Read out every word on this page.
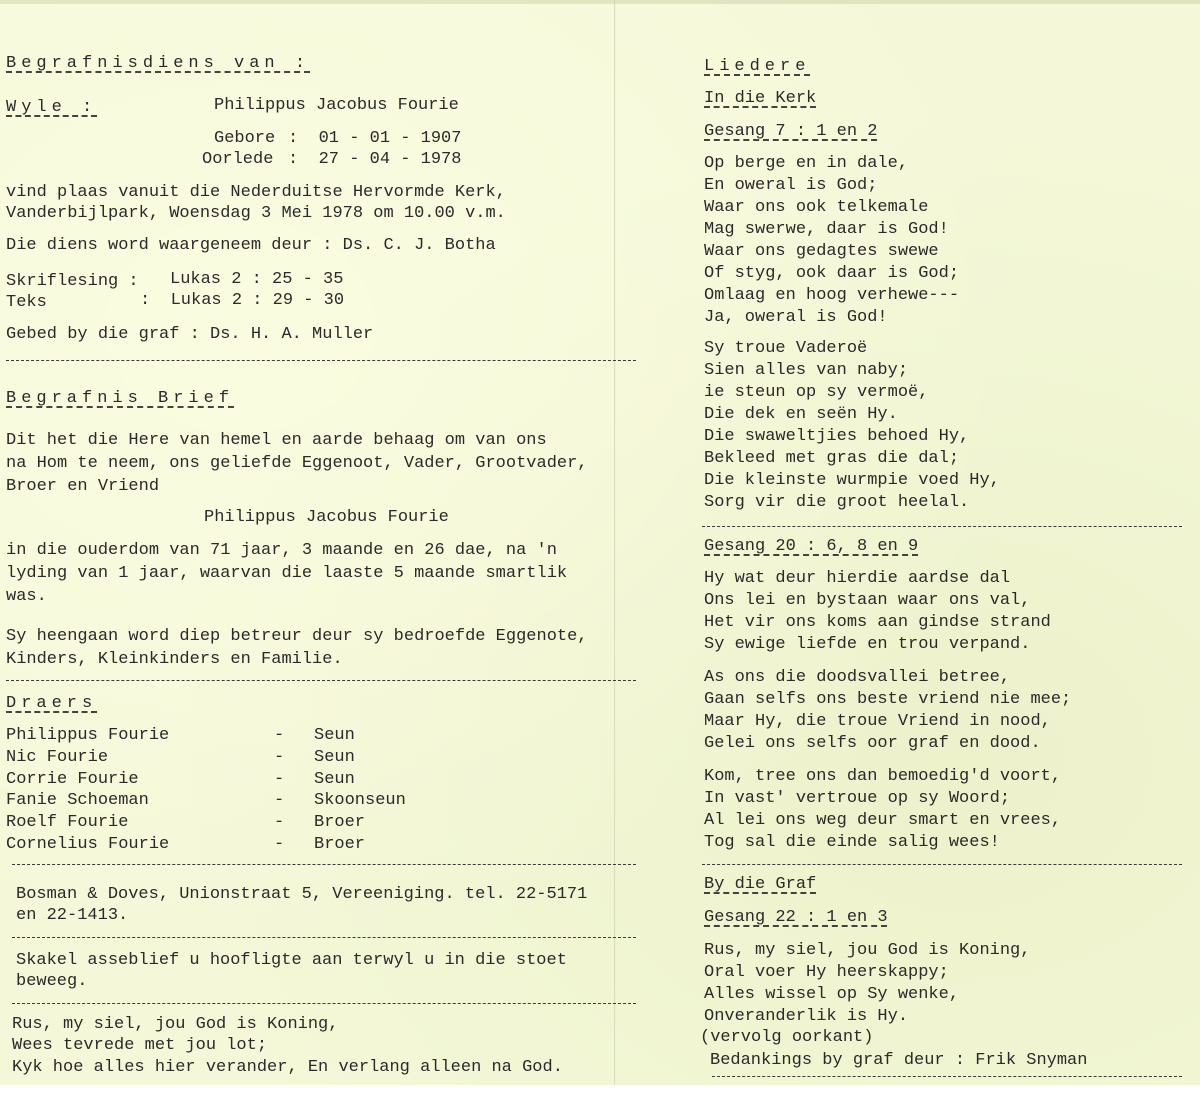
Begrafnisdiens van :
Wyle :	Philippus Jacobus Fourie
Gebore :  01 - 01 - 1907
Oorlede :  27 - 04 - 1978
vind plaas vanuit die Nederduitse Hervormde Kerk,
Vanderbijlpark, Woensdag 3 Mei 1978 om 10.00 v.m.
Die diens word waargeneem deur : Ds. C. J. Botha
Skriflesing : Lukas 2 : 25 - 35
Teks	:  Lukas 2 : 29 - 30
Gebed by die graf : Ds. H. A. Muller
Begrafnis Brief
Dit het die Here van hemel en aarde behaag om van ons
na Hom te neem, ons geliefde Eggenoot, Vader, Grootvader,
Broer en Vriend
Philippus Jacobus Fourie
in die ouderdom van 71 jaar, 3 maande en 26 dae, na 'n
lyding van 1 jaar, waarvan die laaste 5 maande smartlik
was.
Sy heengaan word diep betreur deur sy bedroefde Eggenote,
Kinders, Kleinkinders en Familie.
Draers
Philippus Fourie	- Seun
Nic Fourie	- Seun
Corrie Fourie	- Seun
Fanie Schoeman	- Skoonseun
Roelf Fourie	- Broer
Cornelius Fourie	- Broer
Bosman & Doves, Unionstraat 5, Vereeniging. tel. 22-5171
en 22-1413.
Skakel asseblief u hoofligte aan terwyl u in die stoet
beweeg.
Rus, my siel, jou God is Koning,
Wees tevrede met jou lot;
Kyk hoe alles hier verander, En verlang alleen na God.
Liedere
In die Kerk
Gesang 7 : 1 en 2
Op berge en in dale,
En oweral is God;
Waar ons ook telkemale
Mag swerwe, daar is God!
Waar ons gedagtes swewe
Of styg, ook daar is God;
Omlaag en hoog verhewe---
Ja, oweral is God!
Sy troue Vaderoë
Sien alles van naby;
ie steun op sy vermoë,
Die dek en seën Hy.
Die swaweltjies behoed Hy,
Bekleed met gras die dal;
Die kleinste wurmpie voed Hy,
Sorg vir die groot heelal.
Gesang 20 : 6, 8 en 9
Hy wat deur hierdie aardse dal
Ons lei en bystaan waar ons val,
Het vir ons koms aan gindse strand
Sy ewige liefde en trou verpand.
As ons die doodsvallei betree,
Gaan selfs ons beste vriend nie mee;
Maar Hy, die troue Vriend in nood,
Gelei ons selfs oor graf en dood.
Kom, tree ons dan bemoedig'd voort,
In vast' vertroue op sy Woord;
Al lei ons weg deur smart en vrees,
Tog sal die einde salig wees!
By die Graf
Gesang 22 : 1 en 3
Rus, my siel, jou God is Koning,
Oral voer Hy heerskappy;
Alles wissel op Sy wenke,
Onveranderlik is Hy.
(vervolg oorkant)
Bedankings by graf deur : Frik Snyman
